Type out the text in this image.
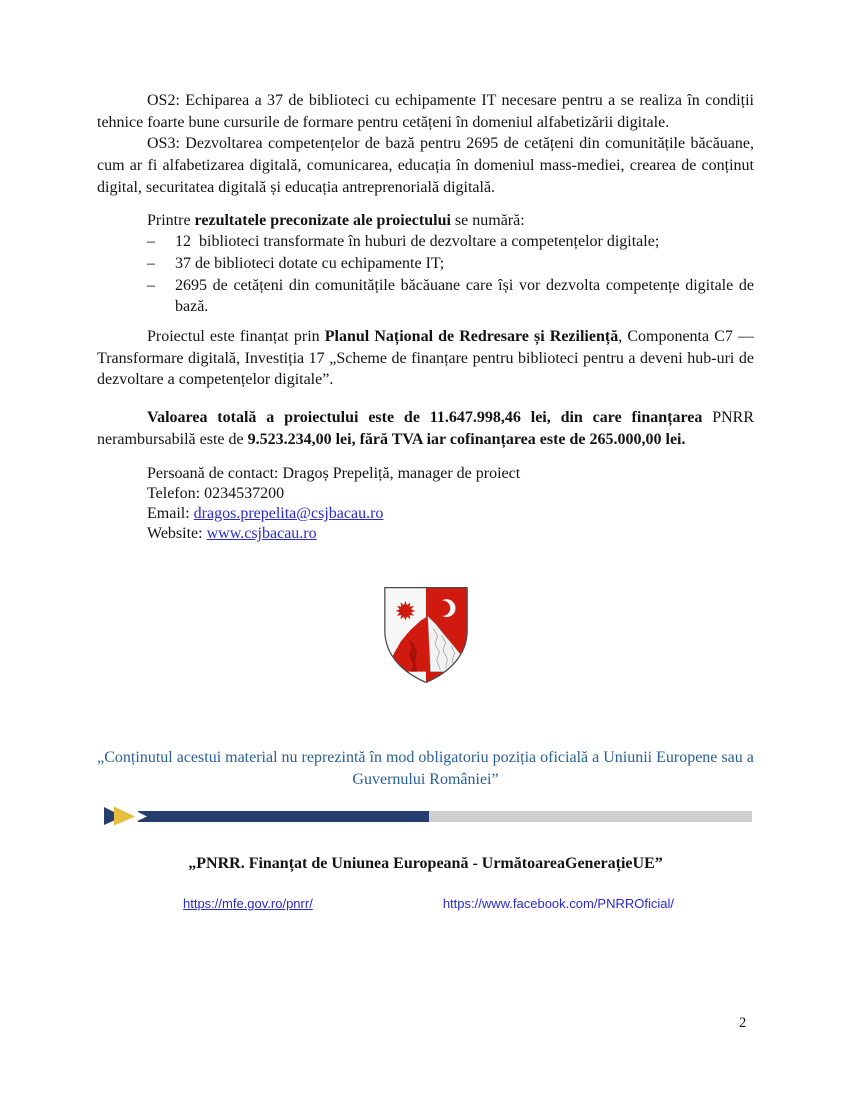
OS2: Echiparea a 37 de biblioteci cu echipamente IT necesare pentru a se realiza în condiții tehnice foarte bune cursurile de formare pentru cetățeni în domeniul alfabetizării digitale.

OS3: Dezvoltarea competențelor de bază pentru 2695 de cetățeni din comunitățile băcăuane, cum ar fi alfabetizarea digitală, comunicarea, educația în domeniul mass-mediei, crearea de conținut digital, securitatea digitală și educația antreprenorială digitală.

Printre rezultatele preconizate ale proiectului se numără:

–	12  biblioteci transformate în huburi de dezvoltare a competențelor digitale;
–	37 de biblioteci dotate cu echipamente IT;
–	2695 de cetățeni din comunitățile băcăuane care își vor dezvolta competențe digitale de bază.

Proiectul este finanțat prin Planul Național de Redresare și Reziliență, Componenta C7 — Transformare digitală, Investiția 17 „Scheme de finanțare pentru biblioteci pentru a deveni hub-uri de dezvoltare a competențelor digitale”.

Valoarea totală a proiectului este de 11.647.998,46 lei, din care finanțarea PNRR nerambursabilă este de 9.523.234,00 lei, fără TVA iar cofinanțarea este de 265.000,00 lei.

Persoană de contact: Dragoș Prepeliță, manager de proiect
Telefon: 0234537200
Email: dragos.prepelita@csjbacau.ro
Website: www.csjbacau.ro

„Conținutul acestui material nu reprezintă în mod obligatoriu poziția oficială a Uniunii Europene sau a Guvernului României”

„PNRR. Finanțat de Uniunea Europeană - UrmătoareaGenerațieUE”

https://mfe.gov.ro/pnrr/	https://www.facebook.com/PNRROficial/
2
